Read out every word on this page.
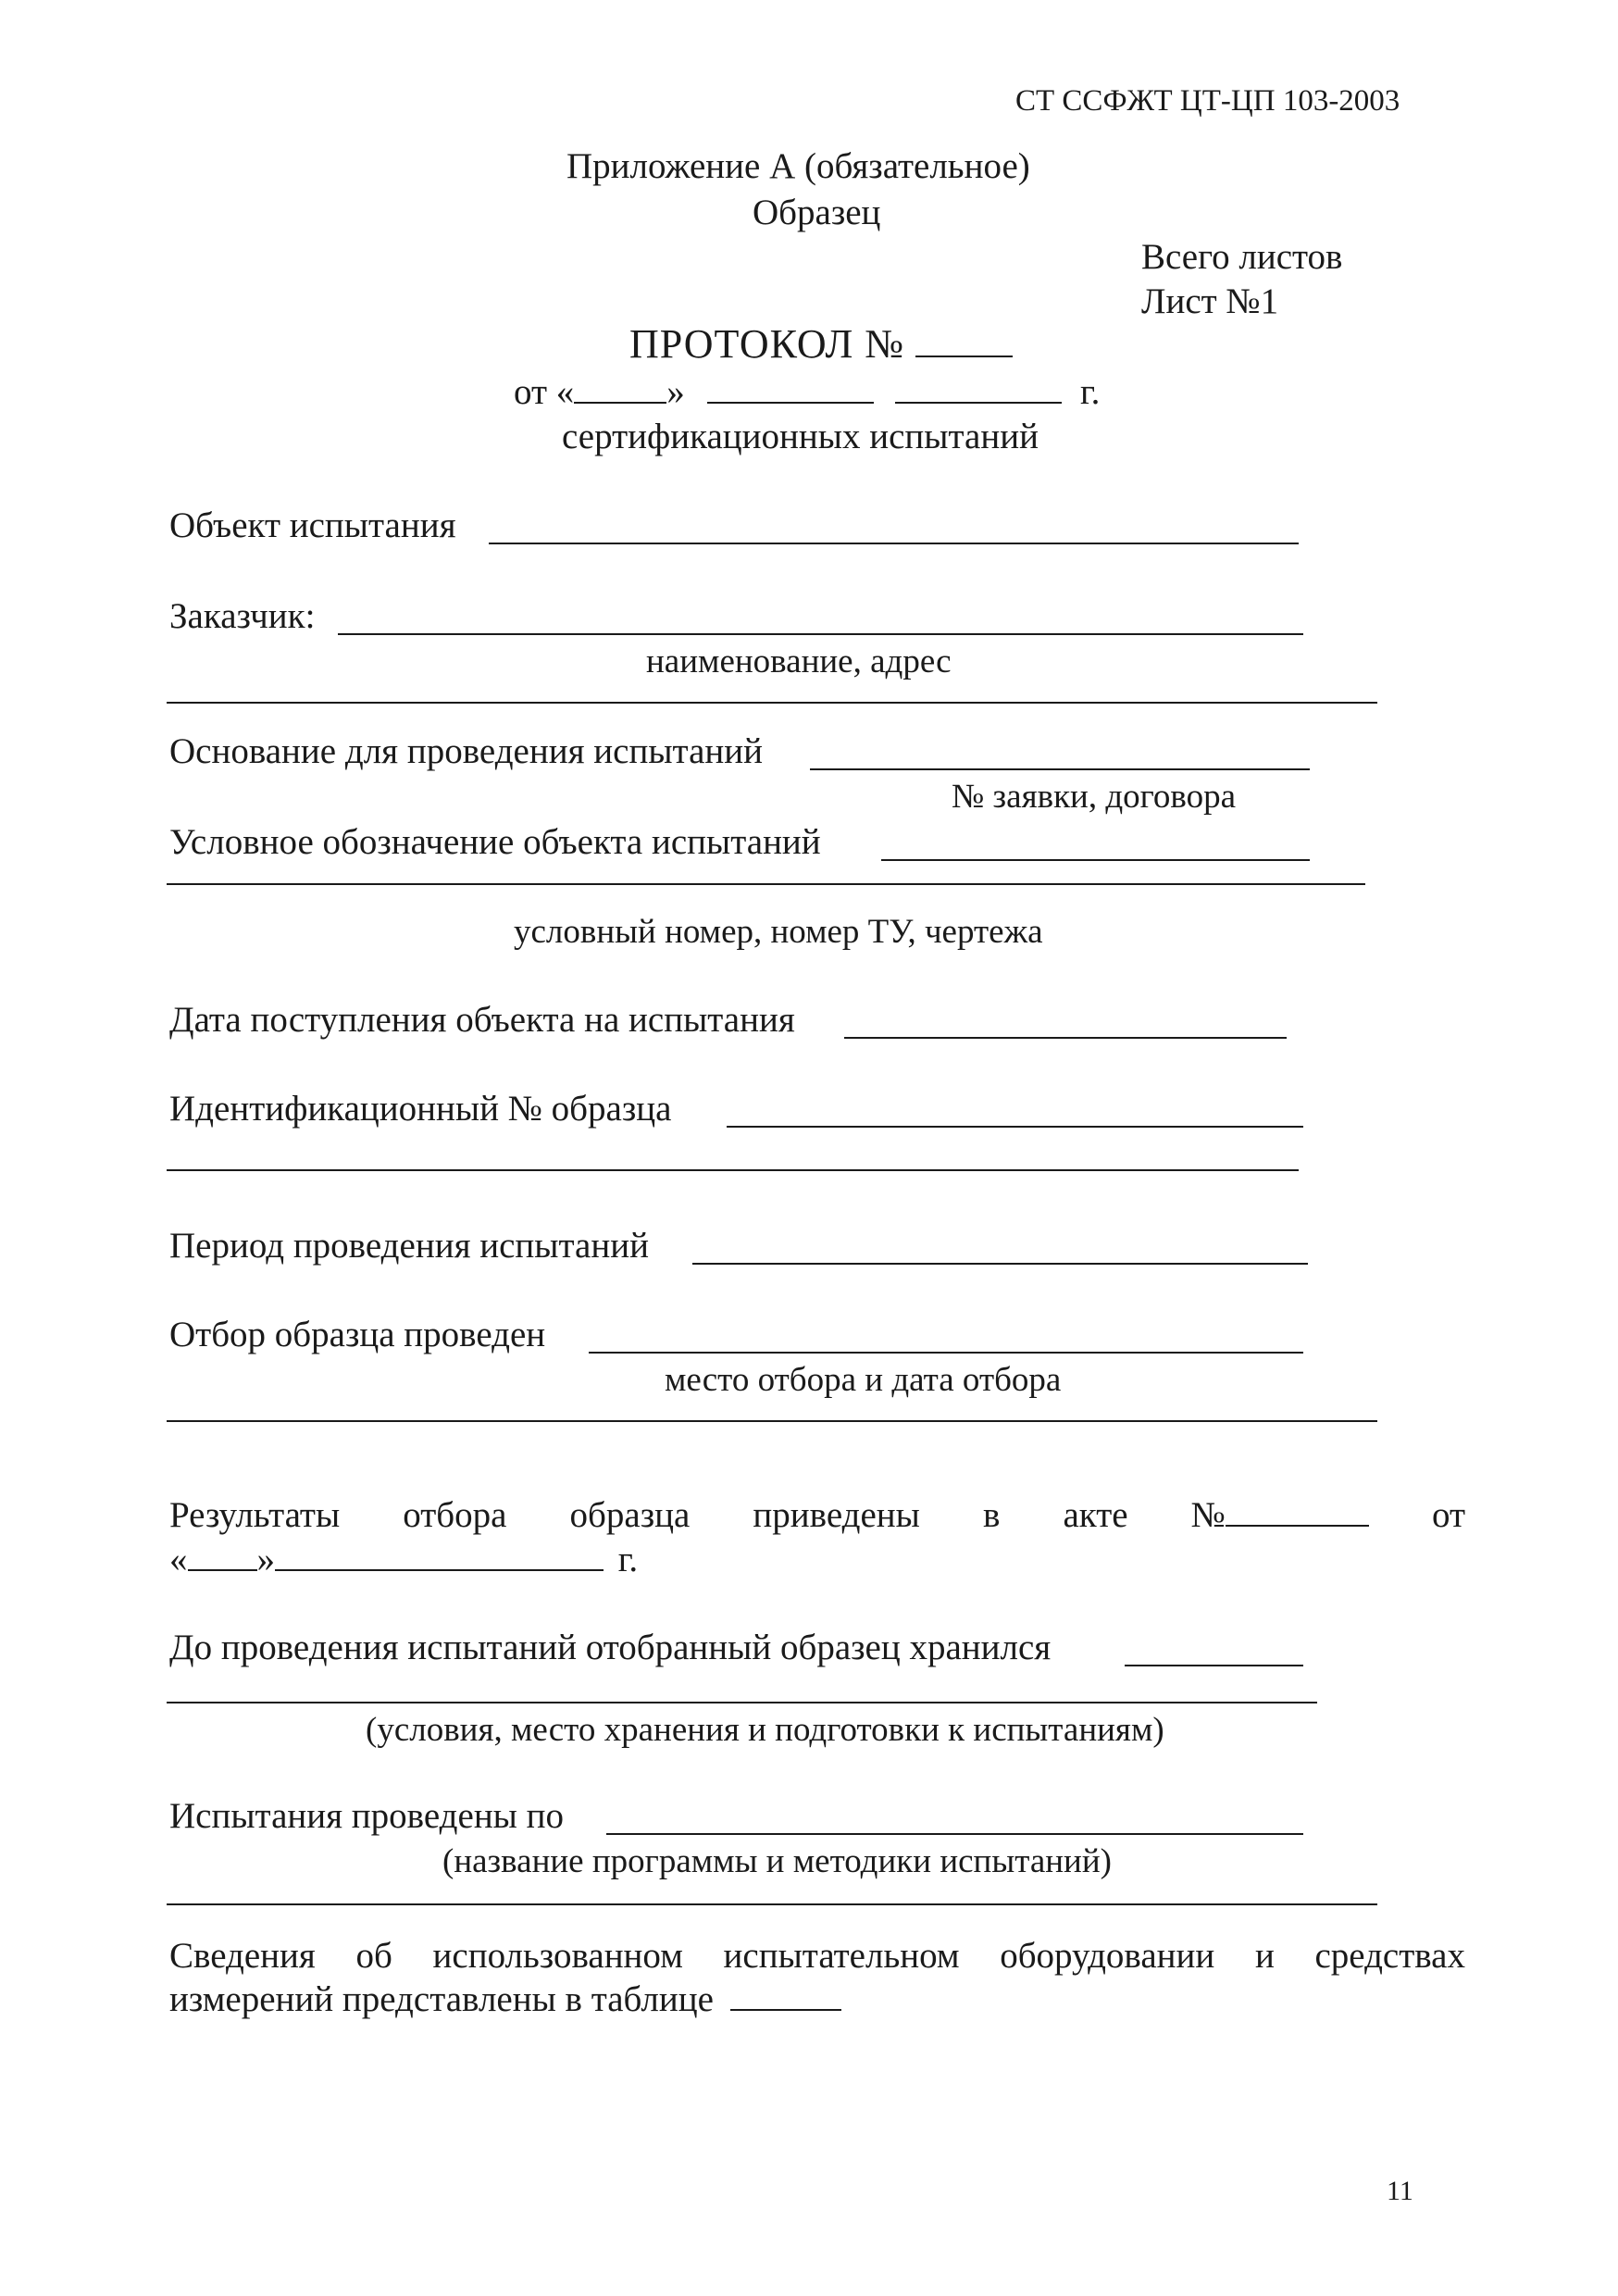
СТ ССФЖТ ЦТ-ЦП 103-2003
Приложение А (обязательное)
Образец
Всего листов
Лист №1
ПРОТОКОЛ №
от «	»	г.
сертификационных испытаний
Объект испытания
Заказчик:
наименование, адрес
Основание для проведения испытаний
№ заявки, договора
Условное обозначение объекта испытаний
условный номер, номер ТУ, чертежа
Дата поступления объекта на испытания
Идентификационный № образца
Период проведения испытаний
Отбор образца проведен
место отбора и дата отбора
Результаты отбора образца приведены в акте №	от
« »	г.
До проведения испытаний отобранный образец хранился
(условия, место хранения и подготовки к испытаниям)
Испытания проведены по
(название программы и методики испытаний)
Сведения об использованном испытательном оборудовании и средствах
измерений представлены в таблице
11
